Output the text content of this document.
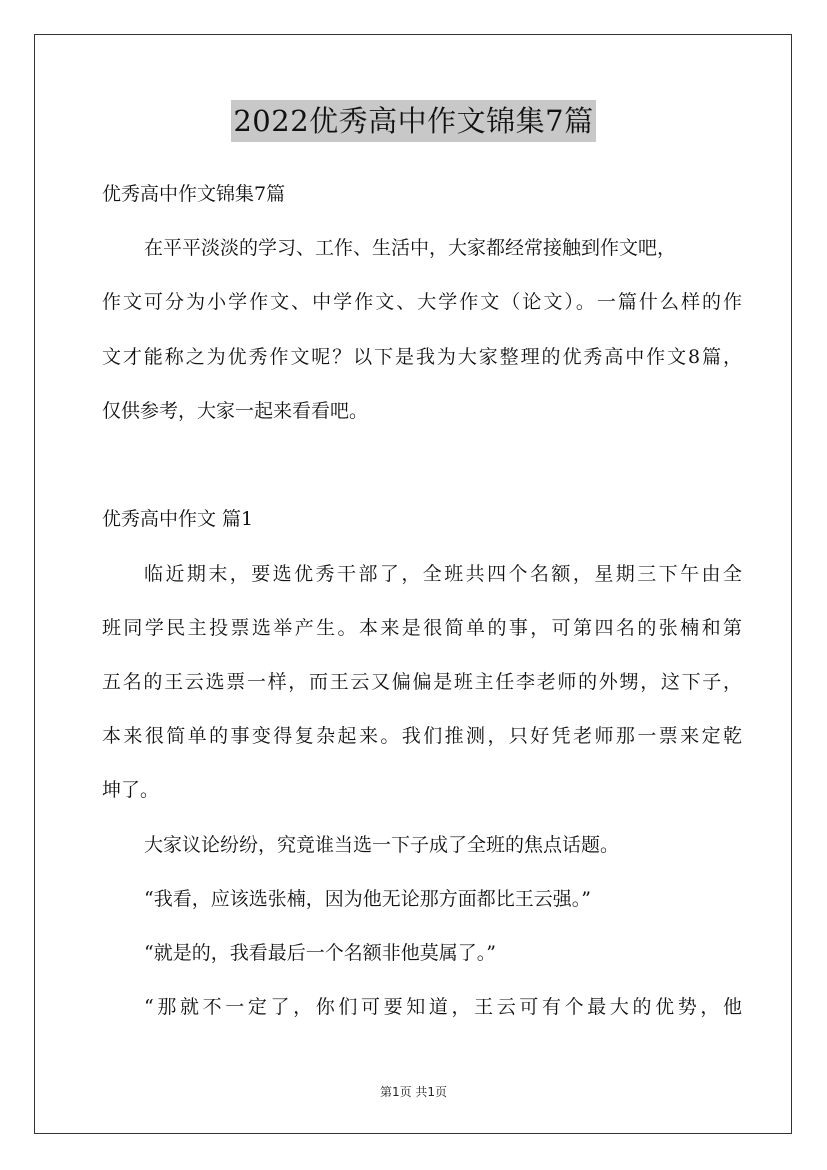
2022优秀高中作文锦集7篇
优秀高中作文锦集7篇
在平平淡淡的学习、工作、生活中，大家都经常接触到作文吧，
作文可分为小学作文、中学作文、大学作文（论文）。一篇什么样的作
文才能称之为优秀作文呢？以下是我为大家整理的优秀高中作文8篇，
仅供参考，大家一起来看看吧。
优秀高中作文 篇1
临近期末，要选优秀干部了，全班共四个名额，星期三下午由全
班同学民主投票选举产生。本来是很简单的事，可第四名的张楠和第
五名的王云选票一样，而王云又偏偏是班主任李老师的外甥，这下子，
本来很简单的事变得复杂起来。我们推测，只好凭老师那一票来定乾
坤了。
大家议论纷纷，究竟谁当选一下子成了全班的焦点话题。
“我看，应该选张楠，因为他无论那方面都比王云强。”
“就是的，我看最后一个名额非他莫属了。”
“那就不一定了，你们可要知道，王云可有个最大的优势，他
第1页 共1页
